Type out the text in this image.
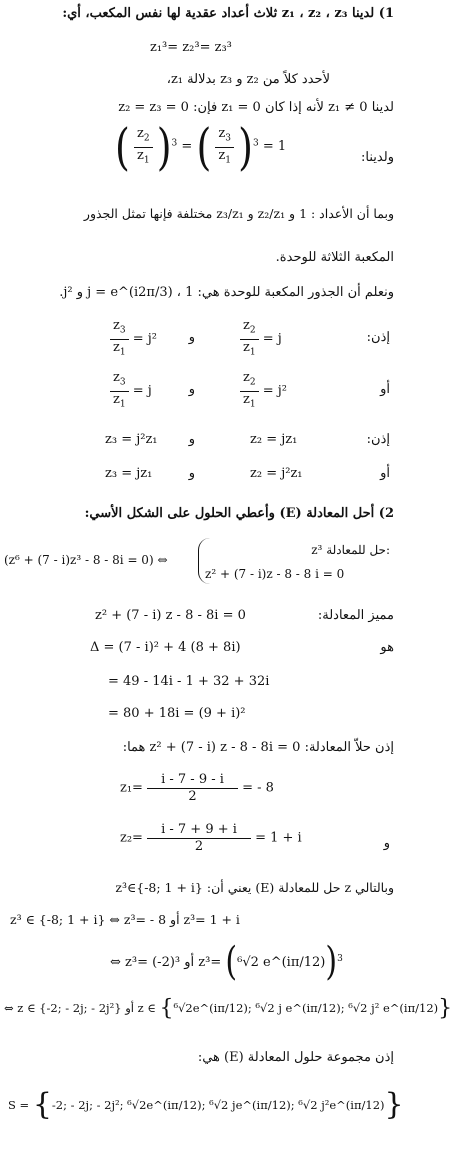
1) لدينا z₁ ، z₂ ، z₃ ثلاث أعداد عقدية لها نفس المكعب، أي:
z₁³= z₂³= z₃³
لأحدد كلاً من z₂ و z₃ بدلالة z₁،
لدينا 0 ≠ z₁ لأنه إذا كان z₁ = 0 فإن: z₂ = z₃ = 0
( $\frac{z_2}{z_1} )^3$ = ( $\frac{z_3}{z_1} )^3 = 1$
ولدينا:
وبما أن الأعداد : 1 و z₂/z₁ و z₃/z₁ مختلفة فإنها تمثل الجذور
المكعبة الثلاثة للوحدة.
ونعلم أن الجذور المكعبة للوحدة هي: 1 ، j = e^(i2π/3) و j².
إذن:
$\frac{z_2}{z_1} = j$
و
$\frac{z_3}{z_1} = j^2$
أو
$\frac{z_2}{z_1} = j^2$
و
$\frac{z_3}{z_1} = j$
إذن:
z₂ = jz₁
و
z₃ = j²z₁
أو
z₂ = j²z₁
و
z₃ = jz₁
2) أحل المعادلة (E) وأعطي الحلول على الشكل الأسي:
(z⁶ + (7 - i)z³ - 8 - 8i = 0) ⇔
z³ حل للمعادلة:
z² + (7 - i)z - 8 - 8 i = 0
مميز المعادلة:
z² + (7 - i) z - 8 - 8i = 0
هو
Δ = (7 - i)² + 4 (8 + 8i)
= 49 - 14i - 1 + 32 + 32i
= 80 + 18i = (9 + i)²
إذن حلاّ المعادلة: z² + (7 - i) z - 8 - 8i = 0 هما:
$z_1= \frac{i - 7 - 9 - i}{2}$ = - 8
$z_2= \frac{i - 7 + 9 + i}{2} = 1 + i$	و
وبالتالي z حل للمعادلة (E) يعني أن: z³∈{-8; 1 + i}
z³ ∈ {-8; 1 + i} ⇔ z³= - 8 أو z³= 1 + i
⇔ z³= (-2)³ أو z³= (⁶√2 e^(iπ/12))$^3$
⇔ z ∈ {-2; - 2j; - 2j²} أو z ∈ {⁶√2e^(iπ/12); ⁶√2 j e^(iπ/12); ⁶√2 j² e^(iπ/12)}
إذن مجموعة حلول المعادلة (E) هي:
S = {-2; - 2j; - 2j²; ⁶√2e^(iπ/12); ⁶√2 je^(iπ/12); ⁶√2 j²e^(iπ/12)}
